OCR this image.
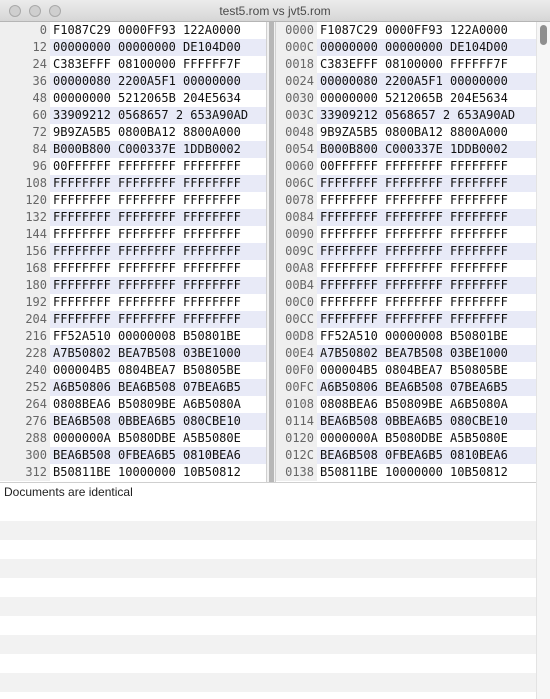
test5.rom vs jvt5.rom
0 F1087C29 0000FF93 122A0000
12 00000000 00000000 DE104D00
24 C383EFFF 08100000 FFFFFF7F
36 00000080 2200A5F1 00000000
48 00000000 5212065B 204E5634
60 33909212 0568657 2 653A90AD
72 9B9ZA5B5 0800BA12 8800A000
84 B000B800 C000337E 1DDB0002
96 00FFFFFF FFFFFFFF FFFFFFFF
108 FFFFFFFF FFFFFFFF FFFFFFFF
120 FFFFFFFF FFFFFFFF FFFFFFFF
132 FFFFFFFF FFFFFFFF FFFFFFFF
144 FFFFFFFF FFFFFFFF FFFFFFFF
156 FFFFFFFF FFFFFFFF FFFFFFFF
168 FFFFFFFF FFFFFFFF FFFFFFFF
180 FFFFFFFF FFFFFFFF FFFFFFFF
192 FFFFFFFF FFFFFFFF FFFFFFFF
204 FFFFFFFF FFFFFFFF FFFFFFFF
216 FF52A510 00000008 B50801BE
228 A7B50802 BEA7B508 03BE1000
240 000004B5 0804BEA7 B50805BE
252 A6B50806 BEA6B508 07BEA6B5
264 0808BEA6 B50809BE A6B5080A
276 BEA6B508 0BBEA6B5 080CBE10
288 0000000A B5080DBE A5B5080E
300 BEA6B508 0FBEA6B5 0810BEA6
312 B50811BE 10000000 10B50812
0000 F1087C29 0000FF93 122A0000
000C 00000000 00000000 DE104D00
0018 C383EFFF 08100000 FFFFFF7F
0024 00000080 2200A5F1 00000000
0030 00000000 5212065B 204E5634
003C 33909212 0568657 2 653A90AD
0048 9B9ZA5B5 0800BA12 8800A000
0054 B000B800 C000337E 1DDB0002
0060 00FFFFFF FFFFFFFF FFFFFFFF
006C FFFFFFFF FFFFFFFF FFFFFFFF
0078 FFFFFFFF FFFFFFFF FFFFFFFF
0084 FFFFFFFF FFFFFFFF FFFFFFFF
0090 FFFFFFFF FFFFFFFF FFFFFFFF
009C FFFFFFFF FFFFFFFF FFFFFFFF
00A8 FFFFFFFF FFFFFFFF FFFFFFFF
00B4 FFFFFFFF FFFFFFFF FFFFFFFF
00C0 FFFFFFFF FFFFFFFF FFFFFFFF
00CC FFFFFFFF FFFFFFFF FFFFFFFF
00D8 FF52A510 00000008 B50801BE
00E4 A7B50802 BEA7B508 03BE1000
00F0 000004B5 0804BEA7 B50805BE
00FC A6B50806 BEA6B508 07BEA6B5
0108 0808BEA6 B50809BE A6B5080A
0114 BEA6B508 0BBEA6B5 080CBE10
0120 0000000A B5080DBE A5B5080E
012C BEA6B508 0FBEA6B5 0810BEA6
0138 B50811BE 10000000 10B50812
Documents are identical
